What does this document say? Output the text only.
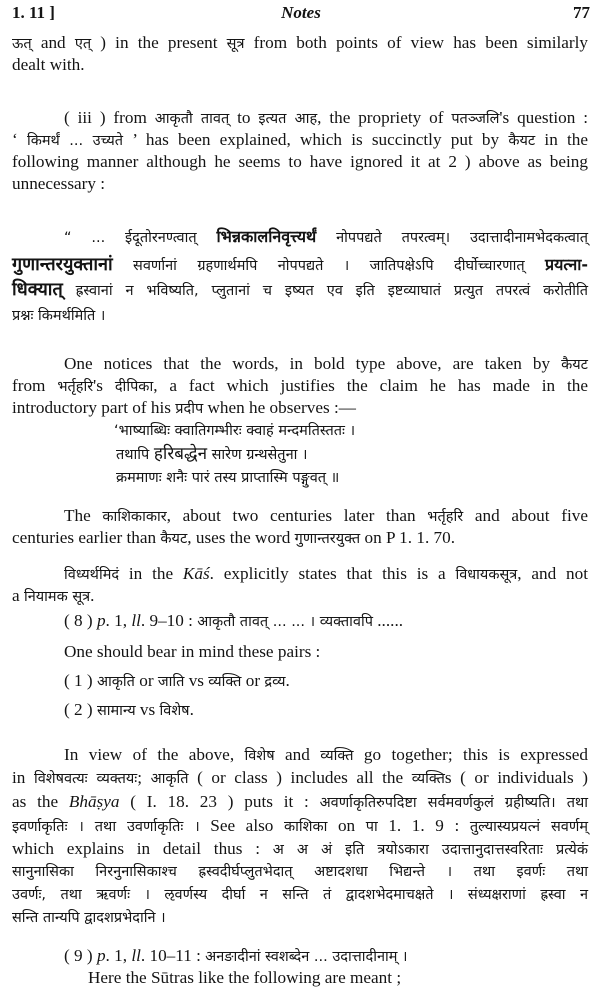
1. 11 ]	Notes	77
ऊत् and एत् ) in the present सूत्र from both points of view has been similarly
dealt with.
( iii ) from आकृतौ तावत् to इत्यत आह, the propriety of पतञ्जलि's question :
‘ किमर्थं ... उच्यते ’ has been explained, which is succinctly put by कैयट in the
following manner although he seems to have ignored it at 2 ) above as being
unnecessary :
“ ... ईदूतोरनण्त्वात् भिन्नकालनिवृत्त्यर्थं नोपपद्यते तपरत्वम्। उदात्तादीनामभेदकत्वात्
गुणान्तरयुक्तानां सवर्णानां ग्रहणार्थमपि नोपपद्यते । जातिपक्षेऽपि दीर्घोच्चारणात् प्रयत्ना-
धिक्यात् ह्रस्वानां न भविष्यति, प्लुतानां च इष्यत एव इति इष्टव्याघातं प्रत्युत तपरत्वं करोतीति
प्रश्नः किमर्थमिति ।
One notices that the words, in bold type above, are taken by कैयट
from भर्तृहरि's दीपिका, a fact which justifies the claim he has made in the
introductory part of his प्रदीप when he observes :—
‘भाष्याब्धिः क्वातिगम्भीरः क्वाहं मन्दमतिस्ततः ।
तथापि हरिबद्धेन सारेण ग्रन्थसेतुना ।
क्रममाणः शनैः पारं तस्य प्राप्तास्मि पङ्गुवत् ॥
The काशिकाकार, about two centuries later than भर्तृहरि and about five
centuries earlier than कैयट, uses the word गुणान्तरयुक्त on P 1. 1. 70.
विध्यर्थमिदं in the Kāś. explicitly states that this is a विधायकसूत्र, and not
a नियामक सूत्र.
( 8 ) p. 1, ll. 9–10 : आकृतौ तावत् ... ... । व्यक्तावपि ......
One should bear in mind these pairs :
( 1 ) आकृति or जाति vs व्यक्ति or द्रव्य.
( 2 ) सामान्य vs विशेष.
In view of the above, विशेष and व्यक्ति go together; this is expressed
in विशेषवत्यः व्यक्तयः; आकृति ( or class ) includes all the व्यक्तिs ( or individuals )
as the Bhāṣya ( I. 18. 23 ) puts it : अवर्णाकृतिरुपदिष्टा सर्वमवर्णकुलं ग्रहीष्यति। तथा
इवर्णाकृतिः । तथा उवर्णाकृतिः । See also काशिका on पा 1. 1. 9 : तुल्यास्यप्रयत्नं सवर्णम्
which explains in detail thus : अ अ अं इति त्रयोऽकारा उदात्तानुदात्तस्वरिताः प्रत्येकं
सानुनासिका निरनुनासिकाश्च ह्रस्वदीर्घप्लुतभेदात् अष्टादशधा भिद्यन्ते । तथा इवर्णः तथा
उवर्णः, तथा ऋवर्णः । ऌवर्णस्य दीर्घा न सन्ति तं द्वादशभेदमाचक्षते । संध्यक्षराणां ह्रस्वा न
सन्ति तान्यपि द्वादशप्रभेदानि ।
( 9 ) p. 1, ll. 10–11 : अनङादीनां स्वशब्देन ... उदात्तादीनाम् ।
Here the Sūtras like the following are meant ;
